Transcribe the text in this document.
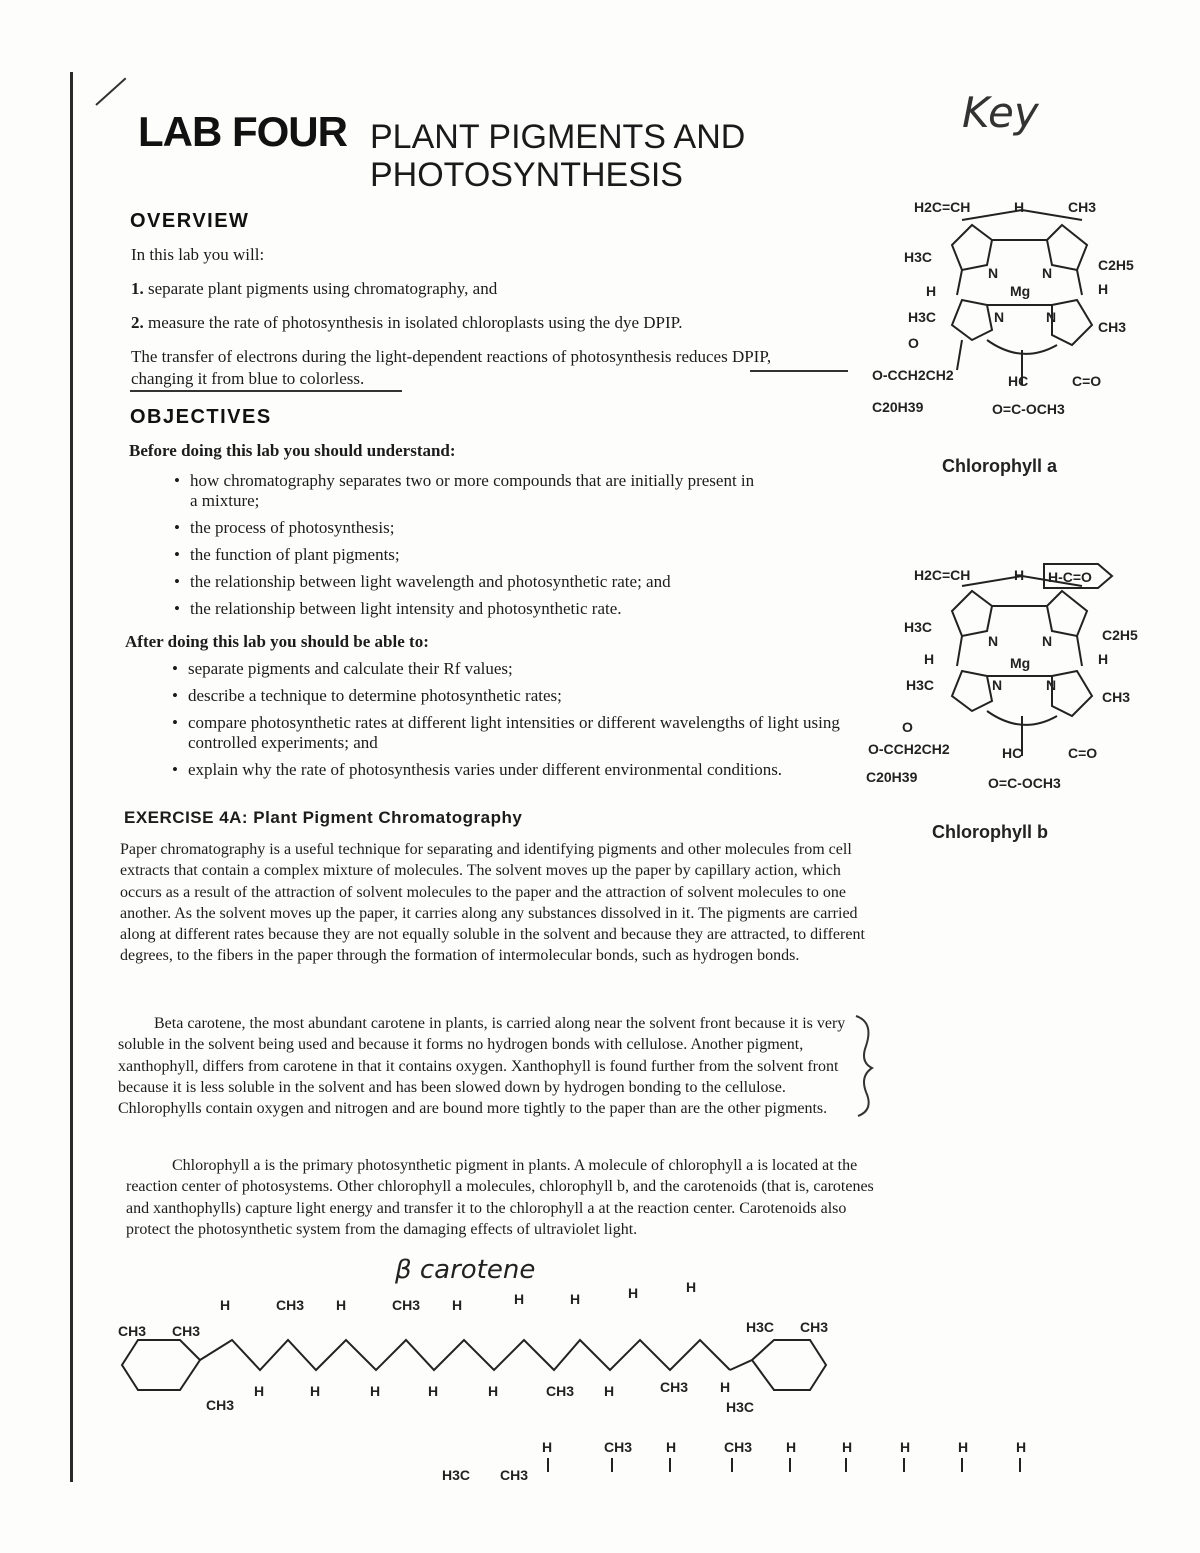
LAB FOUR PLANT PIGMENTS AND
PHOTOSYNTHESIS
Key
OVERVIEW
In this lab you will:
1. separate plant pigments using chromatography, and
2. measure the rate of photosynthesis in isolated chloroplasts using the dye DPIP.
The transfer of electrons during the light-dependent reactions of photosynthesis reduces DPIP,
changing it from blue to colorless.
OBJECTIVES
Before doing this lab you should understand:
• how chromatography separates two or more compounds that are initially present in a mixture;
• the process of photosynthesis;
• the function of plant pigments;
• the relationship between light wavelength and photosynthetic rate; and
• the relationship between light intensity and photosynthetic rate.
After doing this lab you should be able to:
• separate pigments and calculate their Rf values;
• describe a technique to determine photosynthetic rates;
• compare photosynthetic rates at different light intensities or different wavelengths of light using controlled experiments; and
• explain why the rate of photosynthesis varies under different environmental conditions.
EXERCISE 4A: Plant Pigment Chromatography
Paper chromatography is a useful technique for separating and identifying pigments and other molecules from cell extracts that contain a complex mixture of molecules. The solvent moves up the paper by capillary action, which occurs as a result of the attraction of solvent molecules to the paper and the attraction of solvent molecules to one another. As the solvent moves up the paper, it carries along any substances dissolved in it. The pigments are carried along at different rates because they are not equally soluble in the solvent and because they are attracted, to different degrees, to the fibers in the paper through the formation of intermolecular bonds, such as hydrogen bonds.
Beta carotene, the most abundant carotene in plants, is carried along near the solvent front because it is very soluble in the solvent being used and because it forms no hydrogen bonds with cellulose. Another pigment, xanthophyll, differs from carotene in that it contains oxygen. Xanthophyll is found further from the solvent front because it is less soluble in the solvent and has been slowed down by hydrogen bonding to the cellulose. Chlorophylls contain oxygen and nitrogen and are bound more tightly to the paper than are the other pigments.
Chlorophyll a is the primary photosynthetic pigment in plants. A molecule of chlorophyll a is located at the reaction center of photosystems. Other chlorophyll a molecules, chlorophyll b, and the carotenoids (that is, carotenes and xanthophylls) capture light energy and transfer it to the chlorophyll a at the reaction center. Carotenoids also protect the photosynthetic system from the damaging effects of ultraviolet light.
H2C=CH	H	CH3
H3C
N	N	C2H5
Mg
H	H
H3C	N	N
CH3
O
O-CCH2CH2	HC	C=O
C20H39	O=C-OCH3
Chlorophyll a
H2C=CH	H H-C=O
H3C
N	N	C2H5
Mg
H	H
H3C	N	N
CH3
O
O-CCH2CH2	HC	C=O
C20H39	O=C-OCH3
Chlorophyll b
β carotene
CH3 CH3
H	CH3 H	CH3 H	H	H	H	H
H3C CH3
CH3
H	H	H	H	H	CH3 H	CH3 H
H3C
H3C CH3
H	CH3 H	CH3 H	H	H	H	H
